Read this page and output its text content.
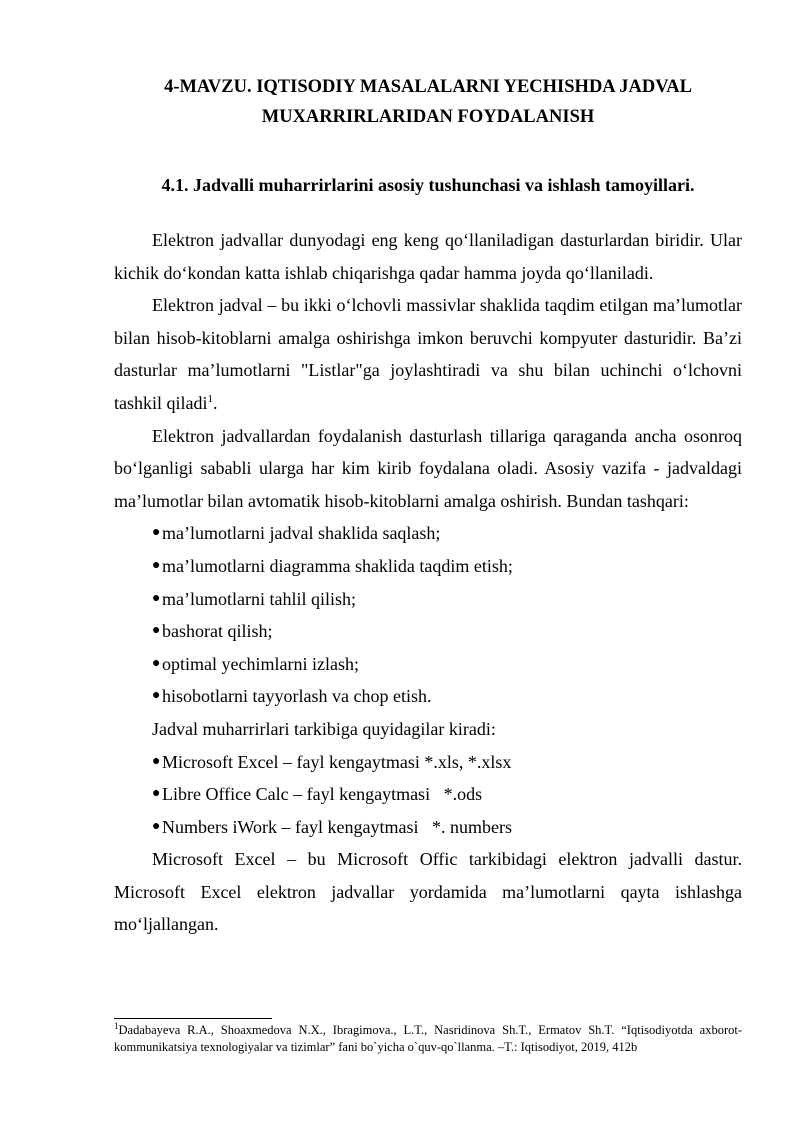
4-MAVZU. IQTISODIY MASALALARNI YECHISHDA JADVAL
MUXARRIRLARIDAN FOYDALANISH
4.1. Jadvalli muharrirlarini asosiy tushunchasi va ishlash tamoyillari.

Elektron jadvallar dunyodagi eng keng qo‘llaniladigan dasturlardan biridir. Ular kichik do‘kondan katta ishlab chiqarishga qadar hamma joyda qo‘llaniladi.

Elektron jadval – bu ikki o‘lchovli massivlar shaklida taqdim etilgan ma’lumotlar bilan hisob-kitoblarni amalga oshirishga imkon beruvchi kompyuter dasturidir. Ba’zi dasturlar ma’lumotlarni "Listlar"ga joylashtiradi va shu bilan uchinchi o‘lchovni tashkil qiladi$^1$.

Elektron jadvallardan foydalanish dasturlash tillariga qaraganda ancha osonroq bo‘lganligi sababli ularga har kim kirib foydalana oladi. Asosiy vazifa - jadvaldagi ma’lumotlar bilan avtomatik hisob-kitoblarni amalga oshirish. Bundan tashqari:

● ma’lumotlarni jadval shaklida saqlash;
● ma’lumotlarni diagramma shaklida taqdim etish;
● ma’lumotlarni tahlil qilish;
● bashorat qilish;
● optimal yechimlarni izlash;
● hisobotlarni tayyorlash va chop etish.

Jadval muharrirlari tarkibiga quyidagilar kiradi:

● Microsoft Excel – fayl kengaytmasi *.xls, *.xlsx
● Libre Office Calc – fayl kengaytmasi   *.ods
● Numbers iWork – fayl kengaytmasi   *. numbers

Microsoft Excel – bu Microsoft Offic tarkibidagi elektron jadvalli dastur. Microsoft Excel elektron jadvallar yordamida ma’lumotlarni qayta ishlashga mo‘ljallangan.

$^1$Dadabayeva R.A., Shoaxmedova N.X., Ibragimova., L.T., Nasridinova Sh.T., Ermatov Sh.T. “Iqtisodiyotda axborot-kommunikatsiya texnologiyalar va tizimlar” fani bo`yicha o`quv-qo`llanma. –T.: Iqtisodiyot, 2019, 412b
